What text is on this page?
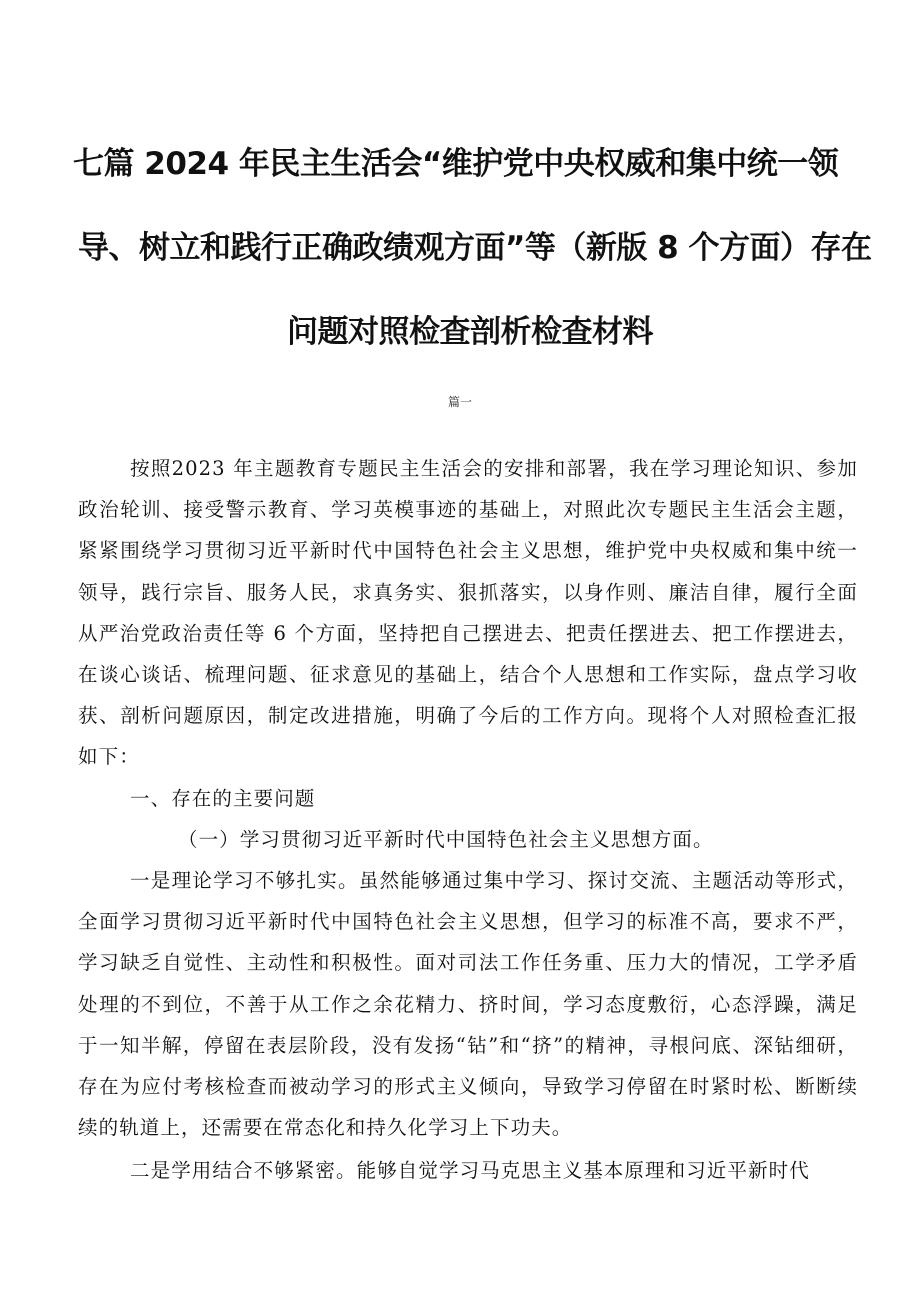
七篇 2024 年民主生活会“维护党中央权威和集中统一领
导、树立和践行正确政绩观方面”等（新版 8 个方面）存在
问题对照检查剖析检查材料
篇一

按照2023 年主题教育专题民主生活会的安排和部署，我在学习理论知识、参加政治轮训、接受警示教育、学习英模事迹的基础上，对照此次专题民主生活会主题，紧紧围绕学习贯彻习近平新时代中国特色社会主义思想，维护党中央权威和集中统一领导，践行宗旨、服务人民，求真务实、狠抓落实，以身作则、廉洁自律，履行全面从严治党政治责任等 6 个方面，坚持把自己摆进去、把责任摆进去、把工作摆进去，在谈心谈话、梳理问题、征求意见的基础上，结合个人思想和工作实际，盘点学习收获、剖析问题原因，制定改进措施，明确了今后的工作方向。现将个人对照检查汇报如下：

一、存在的主要问题
（一）学习贯彻习近平新时代中国特色社会主义思想方面。

一是理论学习不够扎实。虽然能够通过集中学习、探讨交流、主题活动等形式，全面学习贯彻习近平新时代中国特色社会主义思想，但学习的标准不高，要求不严，学习缺乏自觉性、主动性和积极性。面对司法工作任务重、压力大的情况，工学矛盾处理的不到位，不善于从工作之余花精力、挤时间，学习态度敷衍，心态浮躁，满足于一知半解，停留在表层阶段，没有发扬“钻”和“挤”的精神，寻根问底、深钻细研，存在为应付考核检查而被动学习的形式主义倾向，导致学习停留在时紧时松、断断续续的轨道上，还需要在常态化和持久化学习上下功夫。

二是学用结合不够紧密。能够自觉学习马克思主义基本原理和习近平新时代
